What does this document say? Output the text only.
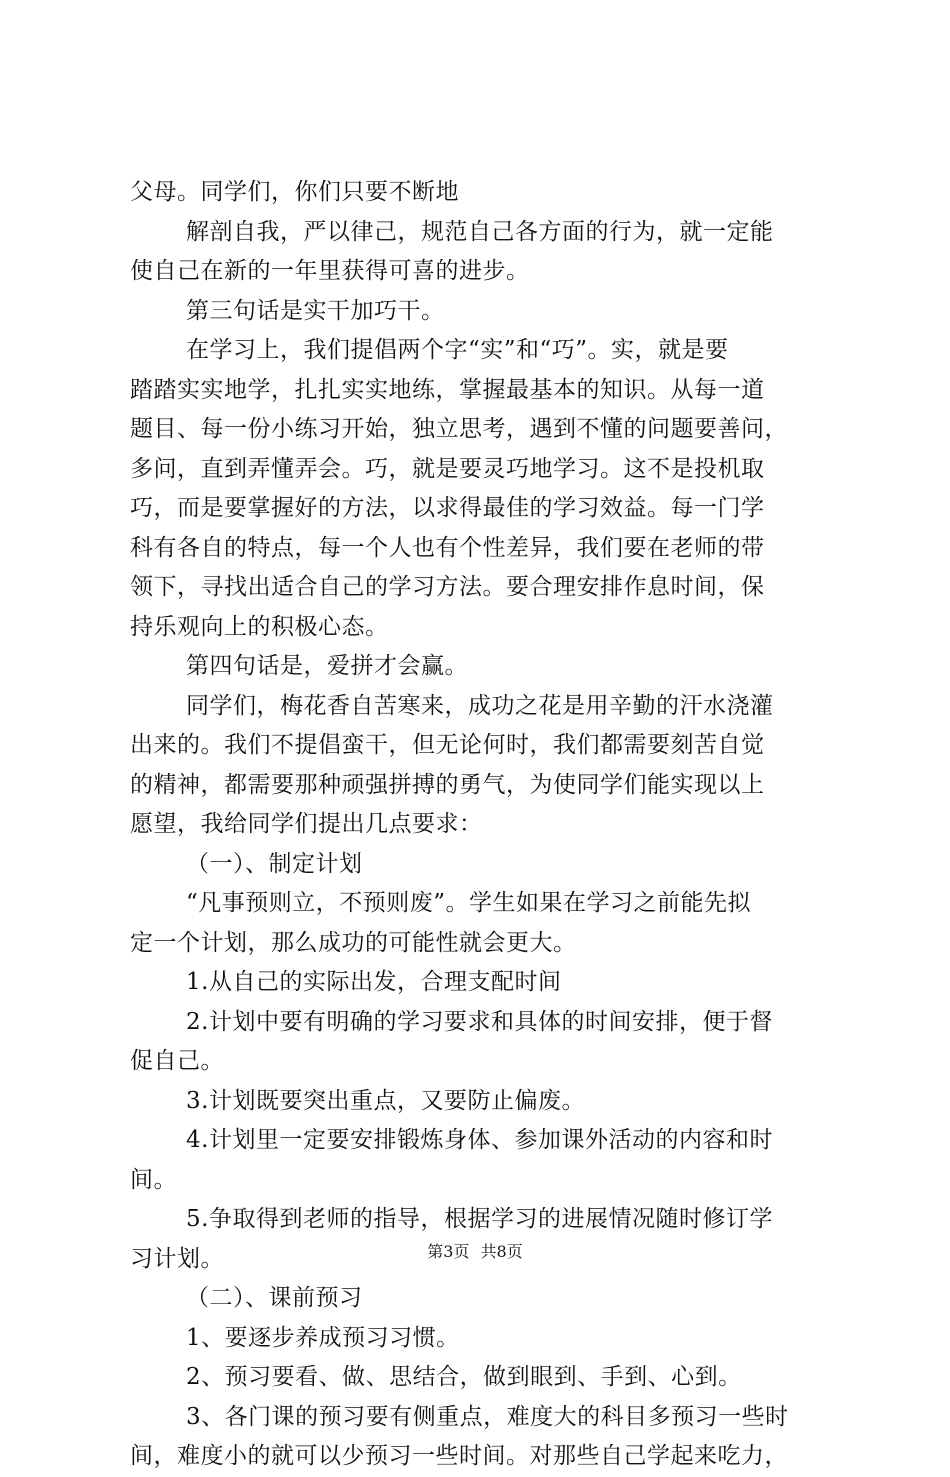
父母。同学们，你们只要不断地
解剖自我，严以律己，规范自己各方面的行为，就一定能
使自己在新的一年里获得可喜的进步。
第三句话是实干加巧干。
在学习上，我们提倡两个字“实”和“巧”。实，就是要
踏踏实实地学，扎扎实实地练，掌握最基本的知识。从每一道
题目、每一份小练习开始，独立思考，遇到不懂的问题要善问，
多问，直到弄懂弄会。巧，就是要灵巧地学习。这不是投机取
巧，而是要掌握好的方法，以求得最佳的学习效益。每一门学
科有各自的特点，每一个人也有个性差异，我们要在老师的带
领下，寻找出适合自己的学习方法。要合理安排作息时间，保
持乐观向上的积极心态。
第四句话是，爱拼才会赢。
同学们，梅花香自苦寒来，成功之花是用辛勤的汗水浇灌
出来的。我们不提倡蛮干，但无论何时，我们都需要刻苦自觉
的精神，都需要那种顽强拼搏的勇气，为使同学们能实现以上
愿望，我给同学们提出几点要求：
（一）、制定计划
“凡事预则立，不预则废”。学生如果在学习之前能先拟
定一个计划，那么成功的可能性就会更大。
1.从自己的实际出发，合理支配时间
2.计划中要有明确的学习要求和具体的时间安排，便于督
促自己。
3.计划既要突出重点，又要防止偏废。
4.计划里一定要安排锻炼身体、参加课外活动的内容和时
间。
5.争取得到老师的指导，根据学习的进展情况随时修订学
习计划。
（二）、课前预习
1、要逐步养成预习习惯。
2、预习要看、做、思结合，做到眼到、手到、心到。
3、各门课的预习要有侧重点，难度大的科目多预习一些时
间，难度小的就可以少预习一些时间。对那些自己学起来吃力，
第3页 共8页
